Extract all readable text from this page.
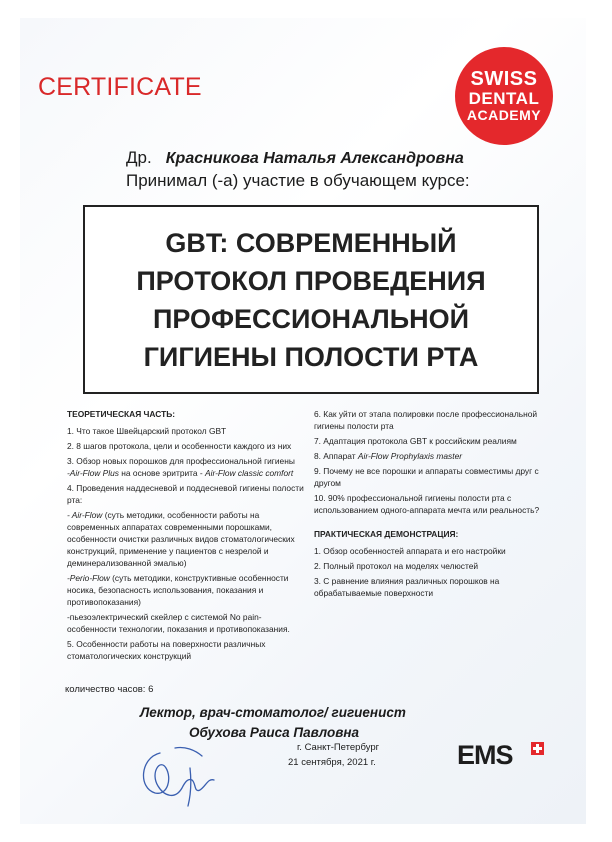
CERTIFICATE	SWISS
DENTAL
ACADEMY
Др. Красникова Наталья Александровна
Принимал (-а) участие в обучающем курсе:
GBT: СОВРЕМЕННЫЙ
ПРОТОКОЛ ПРОВЕДЕНИЯ
ПРОФЕССИОНАЛЬНОЙ
ГИГИЕНЫ ПОЛОСТИ РТА
ТЕОРЕТИЧЕСКАЯ ЧАСТЬ:
1. Что такое Швейцарский протокол GBT
2. 8 шагов протокола, цели и особенности каждого из них
3. Обзор новых порошков для профессиональной гигиены
-Air-Flow Plus на основе эритрита - Air-Flow classic comfort
4. Проведения наддесневой и поддесневой гигиены полости рта:
- Air-Flow (суть методики, особенности работы на современных аппаратах современными порошками, особенности очистки различных видов стоматологических конструкций, применение у пациентов с незрелой и деминерализованной эмалью)
-Perio-Flow (суть методики, конструктивные особенности носика, безопасность использования, показания и противопоказания)
-пьезоэлектрический скейлер с системой No pain-особенности технологии, показания и противопоказания.
5. Особенности работы на поверхности различных стоматологических конструкций
6. Как уйти от этапа полировки после профессиональной гигиены полости рта
7. Адаптация протокола GBT к российским реалиям
8. Аппарат Air-Flow Prophylaxis master
9. Почему не все порошки и аппараты совместимы друг с другом
10. 90% профессиональной гигиены полости рта с использованием одного-аппарата мечта или реальность?
ПРАКТИЧЕСКАЯ ДЕМОНСТРАЦИЯ:
1. Обзор особенностей аппарата и его настройки
2. Полный протокол на моделях челюстей
3. С равнение влияния различных порошков на обрабатываемые поверхности
количество часов: 6
Лектор, врач-стоматолог/ гигиенист
Обухова Раиса Павловна
г. Санкт-Петербург
21 сентября, 2021 г.	EMS
